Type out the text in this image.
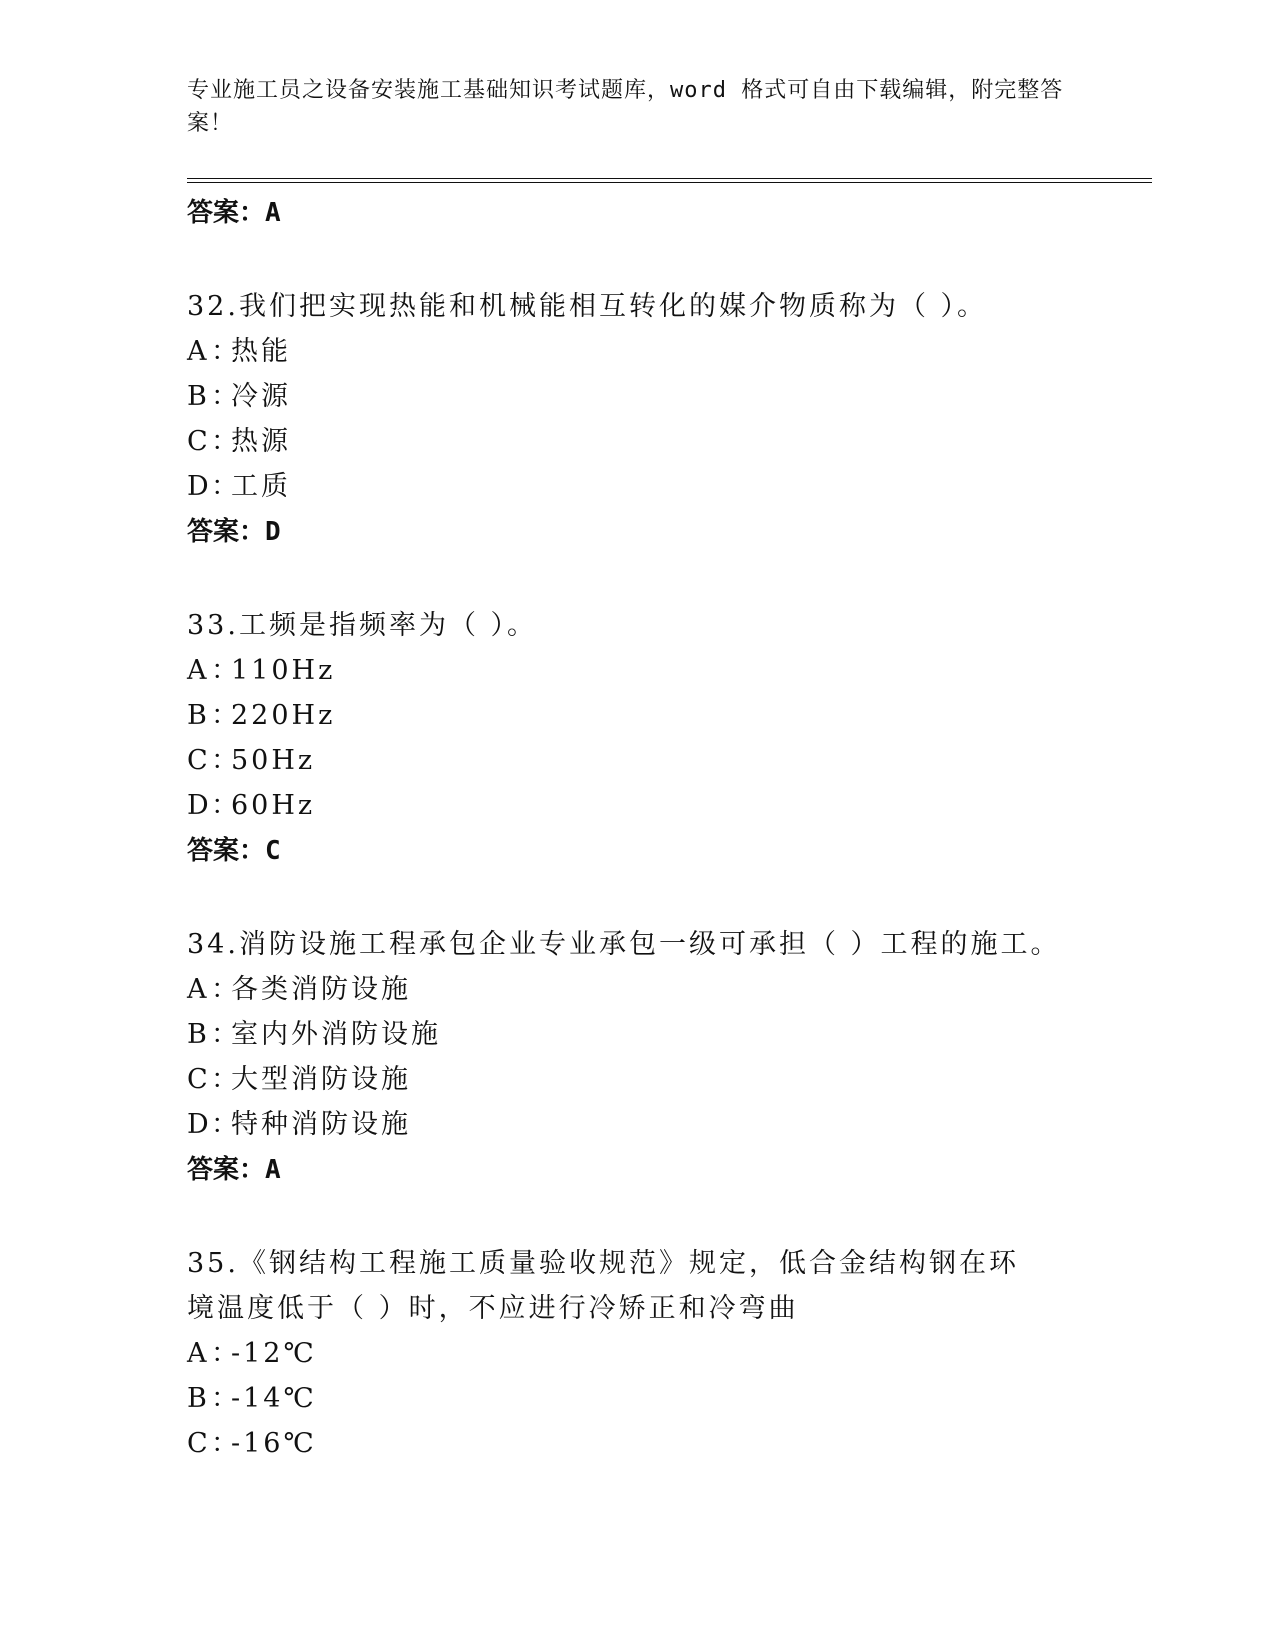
专业施工员之设备安装施工基础知识考试题库，word 格式可自由下载编辑，附完整答案！
答案：A

32.我们把实现热能和机械能相互转化的媒介物质称为（ ）。

A ：热能
B ：冷源
C ：热源
D：工质
答案：D

33.工频是指频率为（ ）。

A ：110Hz
B ：220Hz
C ：50Hz
D：60Hz
答案：C

34.消防设施工程承包企业专业承包一级可承担（ ）工程的施工。

A ：各类消防设施
B ：室内外消防设施
C ：大型消防设施
D：特种消防设施
答案：A

35.《钢结构工程施工质量验收规范》规定，低合金结构钢在环境温度低于（ ）时，不应进行冷矫正和冷弯曲

A ：-12℃
B ：-14℃
C ：-16℃
